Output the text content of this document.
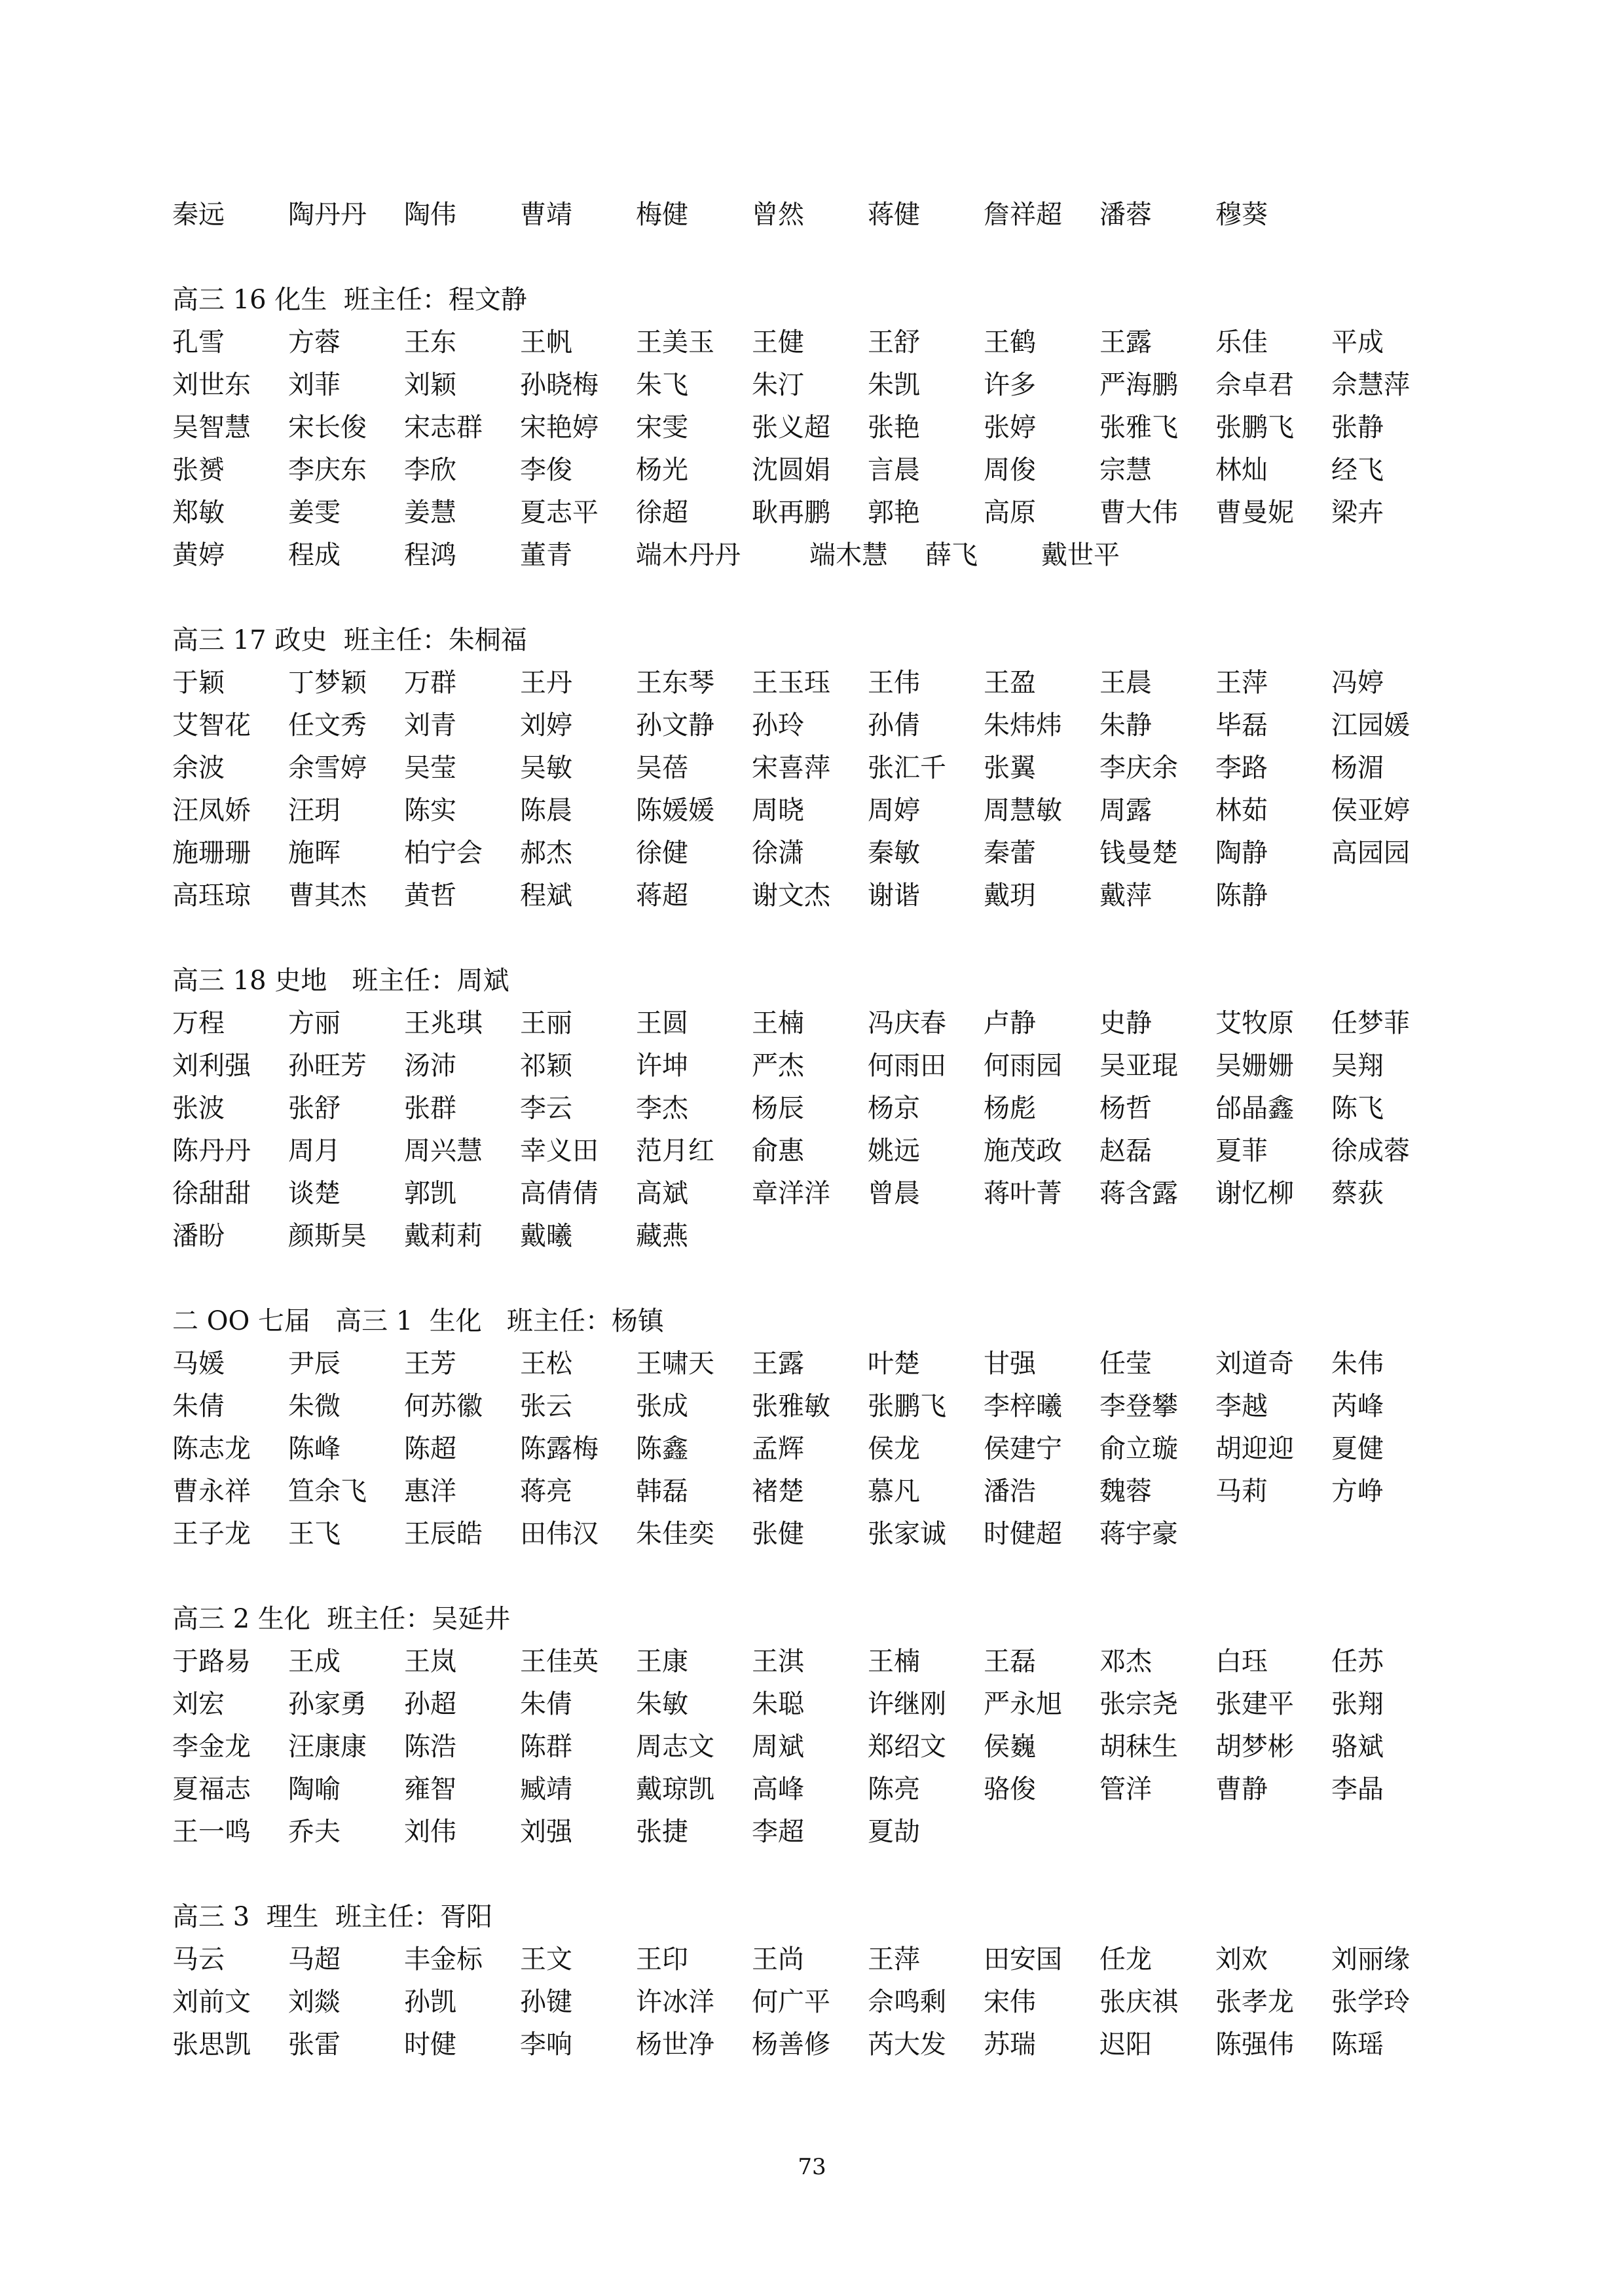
秦远 陶丹丹 陶伟 曹靖 梅健 曾然 蒋健 詹祥超 潘蓉 穆葵
高三 16 化生  班主任：程文静
孔雪 方蓉 王东 王帆 王美玉 王健 王舒 王鹤 王露 乐佳 平成
刘世东 刘菲 刘颖 孙晓梅 朱飞 朱汀 朱凯 许多 严海鹏 佘卓君 佘慧萍
吴智慧 宋长俊 宋志群 宋艳婷 宋雯 张义超 张艳 张婷 张雅飞 张鹏飞 张静
张赟 李庆东 李欣 李俊 杨光 沈圆娟 言晨 周俊 宗慧 林灿 经飞
郑敏 姜雯 姜慧 夏志平 徐超 耿再鹏 郭艳 高原 曹大伟 曹曼妮 梁卉
黄婷 程成 程鸿 董青 端木丹丹	端木慧 薛飞 戴世平
高三 17 政史  班主任：朱桐福
于颖 丁梦颖 万群 王丹 王东琴 王玉珏 王伟 王盈 王晨 王萍 冯婷
艾智花 任文秀 刘青 刘婷 孙文静 孙玲 孙倩 朱炜炜 朱静 毕磊 江园媛
余波 余雪婷 吴莹 吴敏 吴蓓 宋喜萍 张汇千 张翼 李庆余 李路 杨湄
汪凤娇 汪玥 陈实 陈晨 陈媛媛 周晓 周婷 周慧敏 周露 林茹 侯亚婷
施珊珊 施晖 柏宁会 郝杰 徐健 徐潇 秦敏 秦蕾 钱曼楚 陶静 高园园
高珏琼 曹其杰 黄哲 程斌 蒋超 谢文杰 谢谐 戴玥 戴萍 陈静
高三 18 史地   班主任：周斌
万程 方丽 王兆琪 王丽 王圆 王楠 冯庆春 卢静 史静 艾牧原 任梦菲
刘利强 孙旺芳 汤沛 祁颖 许坤 严杰 何雨田 何雨园 吴亚琨 吴姗姗 吴翔
张波 张舒 张群 李云 李杰 杨辰 杨京 杨彪 杨哲 邰晶鑫 陈飞
陈丹丹 周月 周兴慧 幸义田 范月红 俞惠 姚远 施茂政 赵磊 夏菲 徐成蓉
徐甜甜 谈楚 郭凯 高倩倩 高斌 章洋洋 曾晨 蒋叶菁 蒋含露 谢忆柳 蔡荻
潘盼 颜斯昊 戴莉莉 戴曦 藏燕
二 OO 七届   高三 1  生化   班主任：杨镇
马媛 尹辰 王芳 王松 王啸天 王露 叶楚 甘强 任莹 刘道奇 朱伟
朱倩 朱微 何苏徽 张云 张成 张雅敏 张鹏飞 李梓曦 李登攀 李越 芮峰
陈志龙 陈峰 陈超 陈露梅 陈鑫 孟辉 侯龙 侯建宁 俞立璇 胡迎迎 夏健
曹永祥 笪余飞 惠洋 蒋亮 韩磊 褚楚 慕凡 潘浩 魏蓉 马莉 方峥
王子龙 王飞 王辰皓 田伟汉 朱佳奕 张健 张家诚 时健超 蒋宇豪
高三 2 生化  班主任：吴延井
于路易 王成 王岚 王佳英 王康 王淇 王楠 王磊 邓杰 白珏 任苏
刘宏 孙家勇 孙超 朱倩 朱敏 朱聪 许继刚 严永旭 张宗尧 张建平 张翔
李金龙 汪康康 陈浩 陈群 周志文 周斌 郑绍文 侯巍 胡秣生 胡梦彬 骆斌
夏福志 陶喻 雍智 臧靖 戴琼凯 高峰 陈亮 骆俊 管洋 曹静 李晶
王一鸣 乔夫 刘伟 刘强 张捷 李超 夏劼
高三 3  理生  班主任：胥阳
马云 马超 丰金标 王文 王印 王尚 王萍 田安国 任龙 刘欢 刘丽缘
刘前文 刘燚 孙凯 孙键 许冰洋 何广平 佘鸣剩 宋伟 张庆祺 张孝龙 张学玲
张思凯 张雷 时健 李响 杨世净 杨善修 芮大发 苏瑞 迟阳 陈强伟 陈瑶
73
